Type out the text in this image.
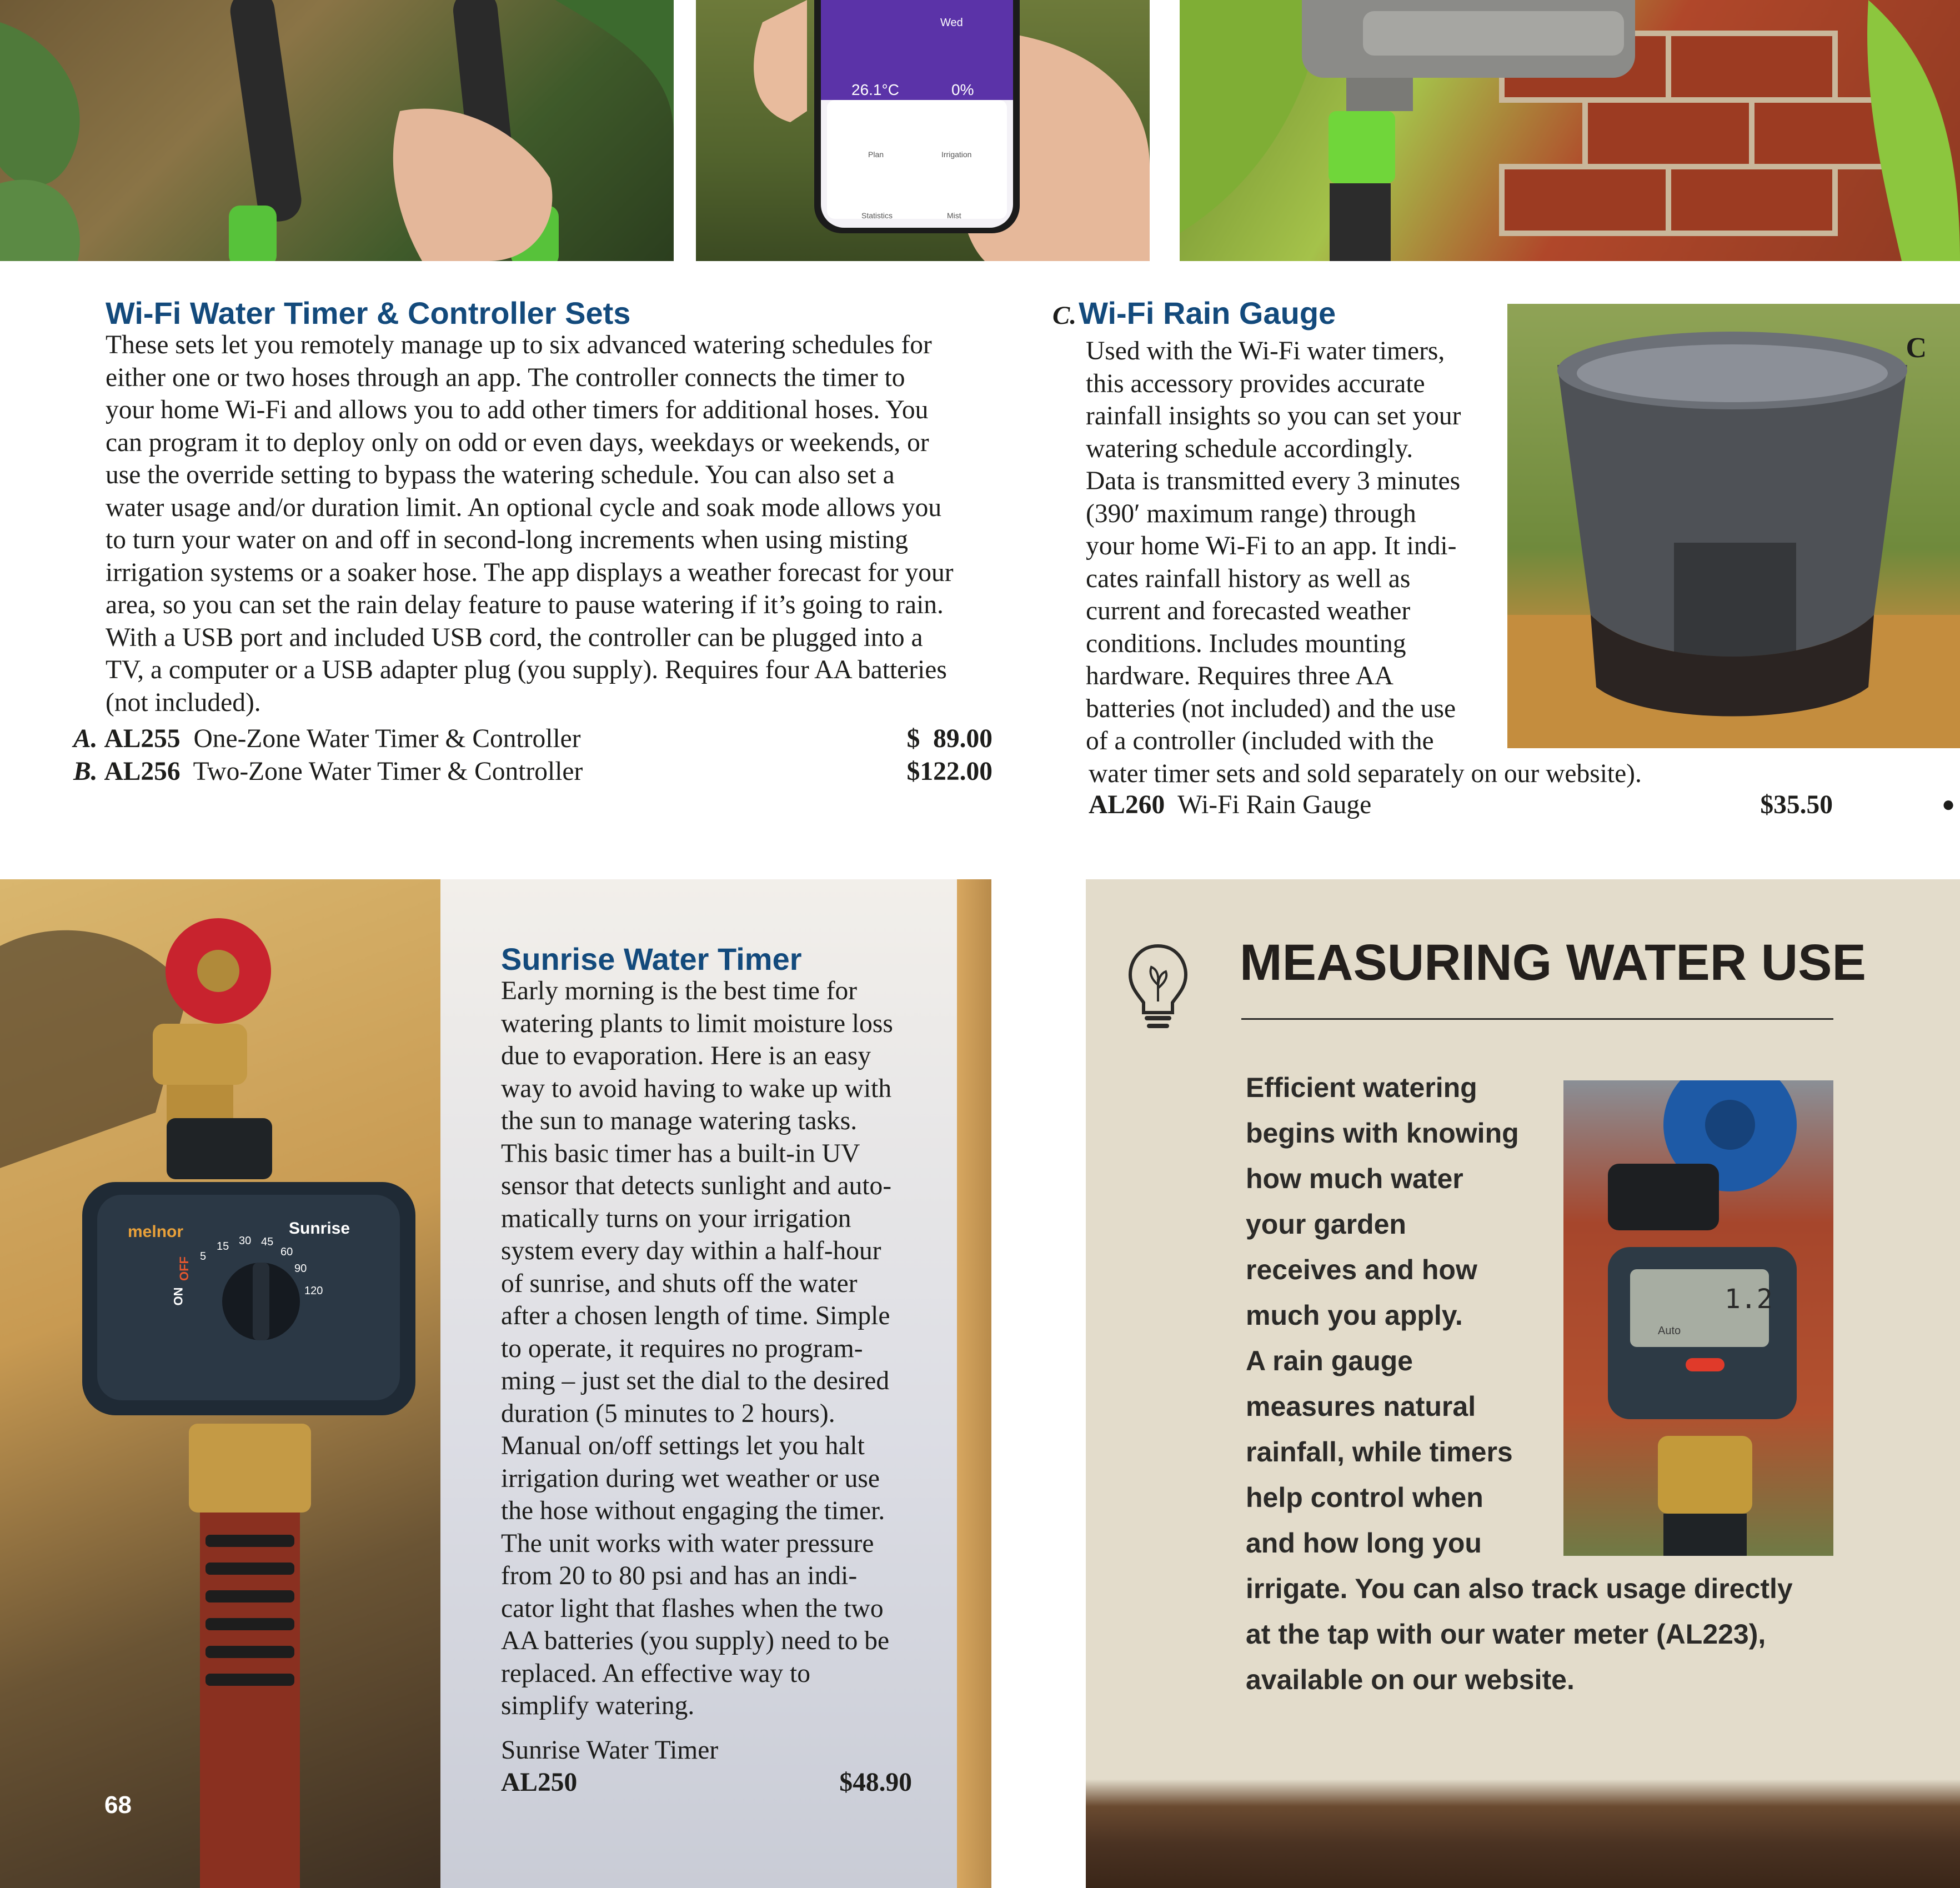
Wed
26.1°C	0%
Plan	Irrigation
Statistics	Mist
Wi-Fi Water Timer & Controller Sets
These sets let you remotely manage up to six advanced watering schedules for
either one or two hoses through an app. The controller connects the timer to
your home Wi-Fi and allows you to add other timers for additional hoses. You
can program it to deploy only on odd or even days, weekdays or weekends, or
use the override setting to bypass the watering schedule. You can also set a
water usage and/or duration limit. An optional cycle and soak mode allows you
to turn your water on and off in second-long increments when using misting
irrigation systems or a soaker hose. The app displays a weather forecast for your
area, so you can set the rain delay feature to pause watering if it’s going to rain.
With a USB port and included USB cord, the controller can be plugged into a
TV, a computer or a USB adapter plug (you supply). Requires four AA batteries
(not included).
A. AL255 One-Zone Water Timer & Controller	$  89.00
B. AL256 Two-Zone Water Timer & Controller	$122.00
C. Wi-Fi Rain Gauge
Used with the Wi-Fi water timers,
this accessory provides accurate
rainfall insights so you can set your
watering schedule accordingly.
Data is transmitted every 3 minutes
(390′ maximum range) through
your home Wi-Fi to an app. It indi-
cates rainfall history as well as
current and forecasted weather
conditions. Includes mounting
hardware. Requires three AA
batteries (not included) and the use
of a controller (included with the
water timer sets and sold separately on our website).
AL260 Wi-Fi Rain Gauge	$35.50	●
C
melnor	Sunrise
ON
OFF 5
15 30 45
60
90
120
68
Sunrise Water Timer
Early morning is the best time for
watering plants to limit moisture loss
due to evaporation. Here is an easy
way to avoid having to wake up with
the sun to manage watering tasks.
This basic timer has a built-in UV
sensor that detects sunlight and auto-
matically turns on your irrigation
system every day within a half-hour
of sunrise, and shuts off the water
after a chosen length of time. Simple
to operate, it requires no program-
ming – just set the dial to the desired
duration (5 minutes to 2 hours).
Manual on/off settings let you halt
irrigation during wet weather or use
the hose without engaging the timer.
The unit works with water pressure
from 20 to 80 psi and has an indi-
cator light that flashes when the two
AA batteries (you supply) need to be
replaced. An effective way to
simplify watering.
Sunrise Water Timer
AL250	$48.90
MEASURING WATER USE
Efficient watering
begins with knowing
how much water
your garden
receives and how
much you apply.
A rain gauge
measures natural
rainfall, while timers
help control when
and how long you
irrigate. You can also track usage directly
at the tap with our water meter (AL223),
available on our website.
1.2
Auto
